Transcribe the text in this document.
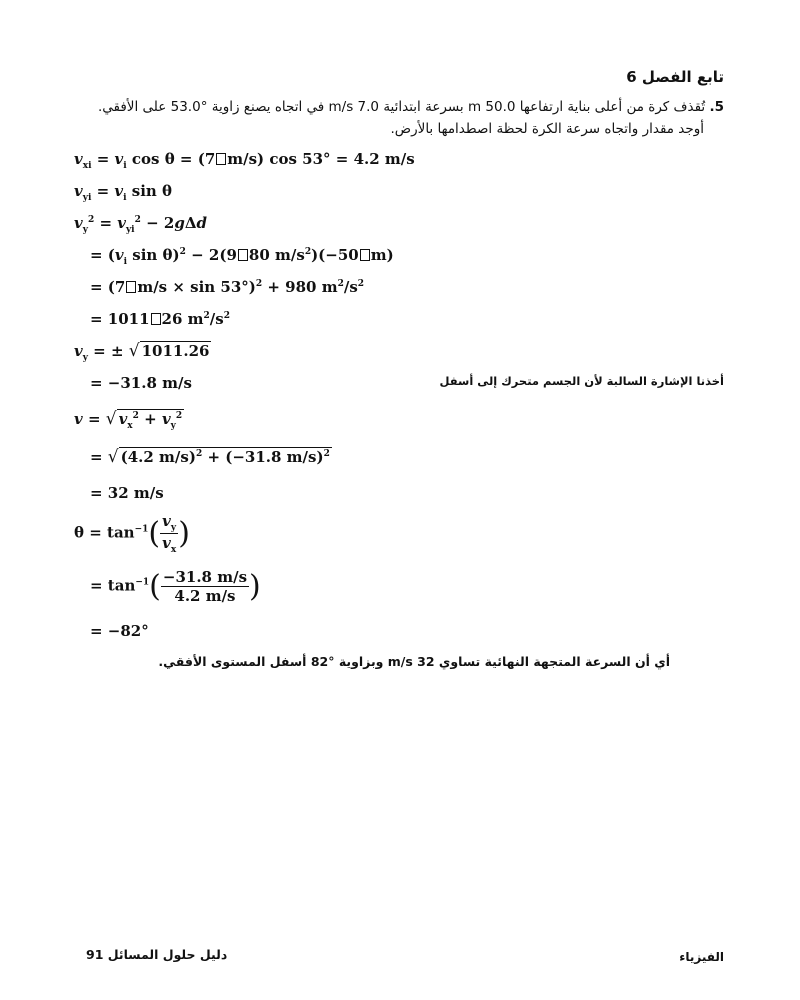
تابع الفصل 6
5. تُقذف كرة من أعلى بناية ارتفاعها 50.0 m بسرعة ابتدائية 7.0 m/s في اتجاه يصنع زاوية °53.0 على الأفقي.
أوجد مقدار واتجاه سرعة الكرة لحظة اصطدامها بالأرض.
$v_{xi} = v_i$ cos θ = (7 m/s) cos 53° = 4.2 m/s
$v_{yi} = v_i$ sin θ
$v_y^2 = v_{yi}^2 - 2g\Delta d$
= ($v_i$ sin θ)$^2$ − 2(9 80 $m/s^2)(-50$ m)
= (7 m/s × sin 53°)$^2$ + 980 $m^2/s^2$
= 1011 26 $m^2/s^2$
$v_y$ = ± √ 1011.26
= −31.8 m/s	أخذنا الإشارة السالبة لأن الجسم متحرك إلى أسفل
v = √ $v_x^2 + v_y^2$
= √ (4.2 m/s)$^2$ + (−31.8 m/s)$^2$
= 32 m/s
$\theta = \tan^{-1}( \frac{v_y}{v_x}$ )
= $\tan^{-1}( \frac{-31.8 m/s}{4.2 m/s}$ )
= −82°
أي أن السرعة المتجهة النهائية تساوي 32 m/s وبزاوية °82 أسفل المستوى الأفقي.
الفيزياء
دليل حلول المسائل 91
